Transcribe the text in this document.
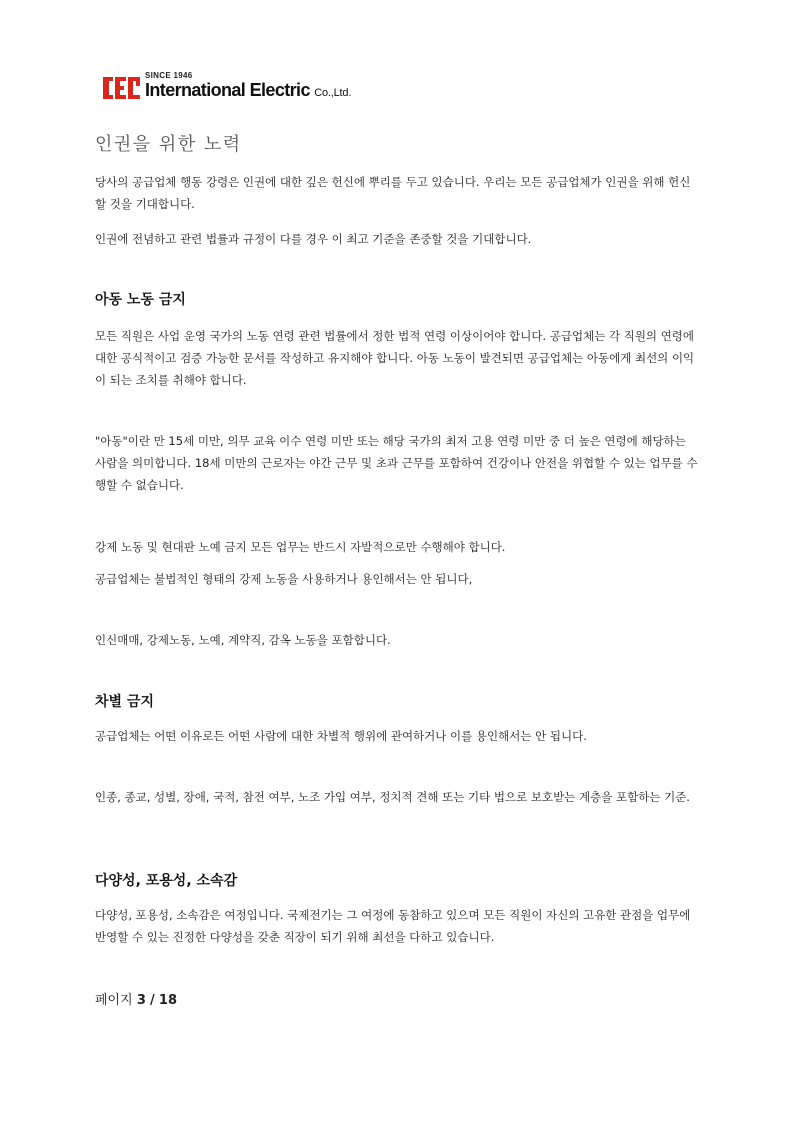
SINCE 1946
International Electric Co.,Ltd.
인권을 위한 노력
당사의 공급업체 행동 강령은 인권에 대한 깊은 헌신에 뿌리를 두고 있습니다. 우리는 모든 공급업체가 인권을 위해 헌신할 것을 기대합니다.
인권에 전념하고 관련 법률과 규정이 다를 경우 이 최고 기준을 존중할 것을 기대합니다.
아동 노동 금지
모든 직원은 사업 운영 국가의 노동 연령 관련 법률에서 정한 법적 연령 이상이어야 합니다. 공급업체는 각 직원의 연령에 대한 공식적이고 검증 가능한 문서를 작성하고 유지해야 합니다. 아동 노동이 발견되면 공급업체는 아동에게 최선의 이익이 되는 조치를 취해야 합니다.
"아동"이란 만 15세 미만, 의무 교육 이수 연령 미만 또는 해당 국가의 최저 고용 연령 미만 중 더 높은 연령에 해당하는 사람을 의미합니다. 18세 미만의 근로자는 야간 근무 및 초과 근무를 포함하여 건강이나 안전을 위협할 수 있는 업무를 수행할 수 없습니다.
강제 노동 및 현대판 노예 금지 모든 업무는 반드시 자발적으로만 수행해야 합니다.
공급업체는 불법적인 형태의 강제 노동을 사용하거나 용인해서는 안 됩니다,
인신매매, 강제노동, 노예, 계약직, 감옥 노동을 포함합니다.
차별 금지
공급업체는 어떤 이유로든 어떤 사람에 대한 차별적 행위에 관여하거나 이를 용인해서는 안 됩니다.
인종, 종교, 성별, 장애, 국적, 참전 여부, 노조 가입 여부, 정치적 견해 또는 기타 법으로 보호받는 계층을 포함하는 기준.
다양성, 포용성, 소속감
다양성, 포용성, 소속감은 여정입니다. 국제전기는 그 여정에 동참하고 있으며 모든 직원이 자신의 고유한 관점을 업무에 반영할 수 있는 진정한 다양성을 갖춘 직장이 되기 위해 최선을 다하고 있습니다.
페이지 3 / 18
